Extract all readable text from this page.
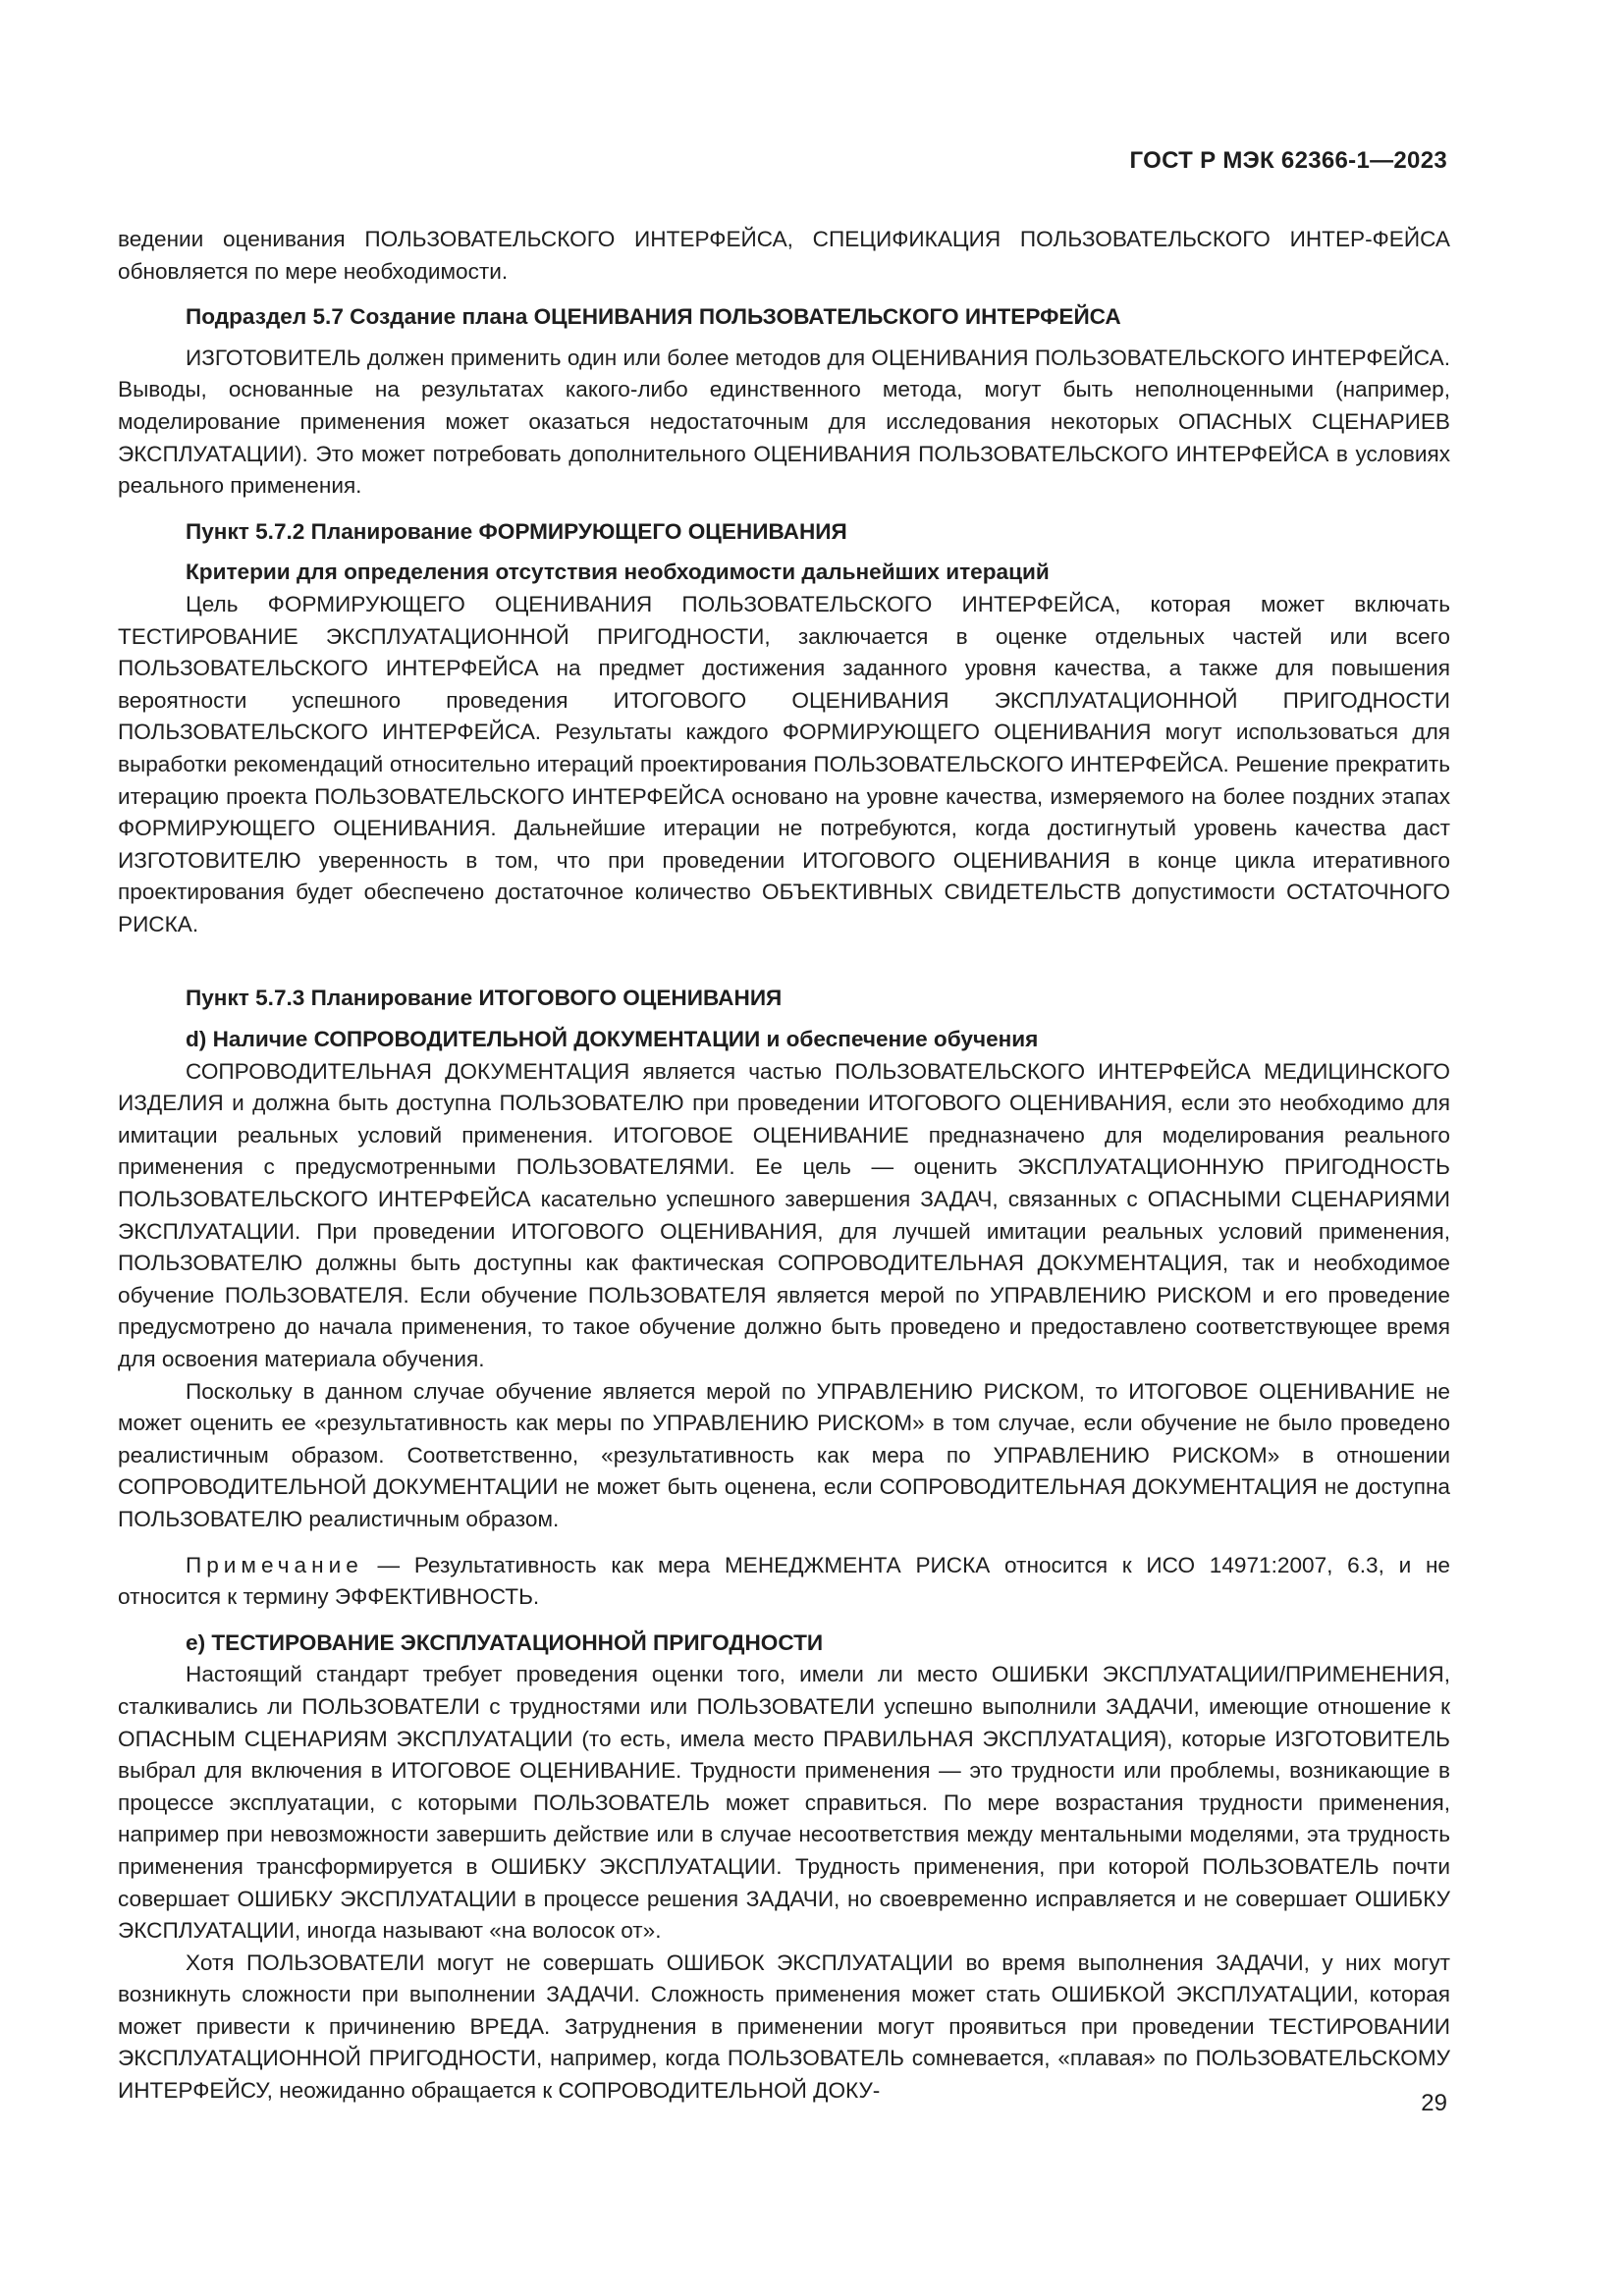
ГОСТ Р МЭК 62366-1—2023

ведении оценивания ПОЛЬЗОВАТЕЛЬСКОГО ИНТЕРФЕЙСА, СПЕЦИФИКАЦИЯ ПОЛЬЗОВАТЕЛЬСКОГО ИНТЕР-ФЕЙСА обновляется по мере необходимости.

Подраздел 5.7 Создание плана ОЦЕНИВАНИЯ ПОЛЬЗОВАТЕЛЬСКОГО ИНТЕРФЕЙСА

ИЗГОТОВИТЕЛЬ должен применить один или более методов для ОЦЕНИВАНИЯ ПОЛЬЗОВАТЕЛЬСКОГО ИНТЕРФЕЙСА. Выводы, основанные на результатах какого-либо единственного метода, могут быть неполноценными (например, моделирование применения может оказаться недостаточным для исследования некоторых ОПАСНЫХ СЦЕНАРИЕВ ЭКСПЛУАТАЦИИ). Это может потребовать дополнительного ОЦЕНИВАНИЯ ПОЛЬЗОВАТЕЛЬСКОГО ИНТЕРФЕЙСА в условиях реального применения.

Пункт 5.7.2 Планирование ФОРМИРУЮЩЕГО ОЦЕНИВАНИЯ

Критерии для определения отсутствия необходимости дальнейших итераций

Цель ФОРМИРУЮЩЕГО ОЦЕНИВАНИЯ ПОЛЬЗОВАТЕЛЬСКОГО ИНТЕРФЕЙСА, которая может включать ТЕСТИРОВАНИЕ ЭКСПЛУАТАЦИОННОЙ ПРИГОДНОСТИ, заключается в оценке отдельных частей или всего ПОЛЬЗОВАТЕЛЬСКОГО ИНТЕРФЕЙСА на предмет достижения заданного уровня качества, а также для повышения вероятности успешного проведения ИТОГОВОГО ОЦЕНИВАНИЯ ЭКСПЛУАТАЦИОННОЙ ПРИГОДНОСТИ ПОЛЬЗОВАТЕЛЬСКОГО ИНТЕРФЕЙСА. Результаты каждого ФОРМИРУЮЩЕГО ОЦЕНИВАНИЯ могут использоваться для выработки рекомендаций относительно итераций проектирования ПОЛЬЗОВАТЕЛЬСКОГО ИНТЕРФЕЙСА. Решение прекратить итерацию проекта ПОЛЬЗОВАТЕЛЬСКОГО ИНТЕРФЕЙСА основано на уровне качества, измеряемого на более поздних этапах ФОРМИРУЮЩЕГО ОЦЕНИВАНИЯ. Дальнейшие итерации не потребуются, когда достигнутый уровень качества даст ИЗГОТОВИТЕЛЮ уверенность в том, что при проведении ИТОГОВОГО ОЦЕНИВАНИЯ в конце цикла итеративного проектирования будет обеспечено достаточное количество ОБЪЕКТИВНЫХ СВИДЕТЕЛЬСТВ допустимости ОСТАТОЧНОГО РИСКА.

Пункт 5.7.3 Планирование ИТОГОВОГО ОЦЕНИВАНИЯ

d) Наличие СОПРОВОДИТЕЛЬНОЙ ДОКУМЕНТАЦИИ и обеспечение обучения

СОПРОВОДИТЕЛЬНАЯ ДОКУМЕНТАЦИЯ является частью ПОЛЬЗОВАТЕЛЬСКОГО ИНТЕРФЕЙСА МЕДИЦИНСКОГО ИЗДЕЛИЯ и должна быть доступна ПОЛЬЗОВАТЕЛЮ при проведении ИТОГОВОГО ОЦЕНИВАНИЯ, если это необходимо для имитации реальных условий применения. ИТОГОВОЕ ОЦЕНИВАНИЕ предназначено для моделирования реального применения с предусмотренными ПОЛЬЗОВАТЕЛЯМИ. Ее цель — оценить ЭКСПЛУАТАЦИОННУЮ ПРИГОДНОСТЬ ПОЛЬЗОВАТЕЛЬСКОГО ИНТЕРФЕЙСА касательно успешного завершения ЗАДАЧ, связанных с ОПАСНЫМИ СЦЕНАРИЯМИ ЭКСПЛУАТАЦИИ. При проведении ИТОГОВОГО ОЦЕНИВАНИЯ, для лучшей имитации реальных условий применения, ПОЛЬЗОВАТЕЛЮ должны быть доступны как фактическая СОПРОВОДИТЕЛЬНАЯ ДОКУМЕНТАЦИЯ, так и необходимое обучение ПОЛЬЗОВАТЕЛЯ. Если обучение ПОЛЬЗОВАТЕЛЯ является мерой по УПРАВЛЕНИЮ РИСКОМ и его проведение предусмотрено до начала применения, то такое обучение должно быть проведено и предоставлено соответствующее время для освоения материала обучения.

Поскольку в данном случае обучение является мерой по УПРАВЛЕНИЮ РИСКОМ, то ИТОГОВОЕ ОЦЕНИВАНИЕ не может оценить ее «результативность как меры по УПРАВЛЕНИЮ РИСКОМ» в том случае, если обучение не было проведено реалистичным образом. Соответственно, «результативность как мера по УПРАВЛЕНИЮ РИСКОМ» в отношении СОПРОВОДИТЕЛЬНОЙ ДОКУМЕНТАЦИИ не может быть оценена, если СОПРОВОДИТЕЛЬНАЯ ДОКУМЕНТАЦИЯ не доступна ПОЛЬЗОВАТЕЛЮ реалистичным образом.

Примечание — Результативность как мера МЕНЕДЖМЕНТА РИСКА относится к ИСО 14971:2007, 6.3, и не относится к термину ЭФФЕКТИВНОСТЬ.

e) ТЕСТИРОВАНИЕ ЭКСПЛУАТАЦИОННОЙ ПРИГОДНОСТИ

Настоящий стандарт требует проведения оценки того, имели ли место ОШИБКИ ЭКСПЛУАТАЦИИ/ПРИМЕНЕНИЯ, сталкивались ли ПОЛЬЗОВАТЕЛИ с трудностями или ПОЛЬЗОВАТЕЛИ успешно выполнили ЗАДАЧИ, имеющие отношение к ОПАСНЫМ СЦЕНАРИЯМ ЭКСПЛУАТАЦИИ (то есть, имела место ПРАВИЛЬНАЯ ЭКСПЛУАТАЦИЯ), которые ИЗГОТОВИТЕЛЬ выбрал для включения в ИТОГОВОЕ ОЦЕНИВАНИЕ. Трудности применения — это трудности или проблемы, возникающие в процессе эксплуатации, с которыми ПОЛЬЗОВАТЕЛЬ может справиться. По мере возрастания трудности применения, например при невозможности завершить действие или в случае несоответствия между ментальными моделями, эта трудность применения трансформируется в ОШИБКУ ЭКСПЛУАТАЦИИ. Трудность применения, при которой ПОЛЬЗОВАТЕЛЬ почти совершает ОШИБКУ ЭКСПЛУАТАЦИИ в процессе решения ЗАДАЧИ, но своевременно исправляется и не совершает ОШИБКУ ЭКСПЛУАТАЦИИ, иногда называют «на волосок от».

Хотя ПОЛЬЗОВАТЕЛИ могут не совершать ОШИБОК ЭКСПЛУАТАЦИИ во время выполнения ЗАДАЧИ, у них могут возникнуть сложности при выполнении ЗАДАЧИ. Сложность применения может стать ОШИБКОЙ ЭКСПЛУАТАЦИИ, которая может привести к причинению ВРЕДА. Затруднения в применении могут проявиться при проведении ТЕСТИРОВАНИИ ЭКСПЛУАТАЦИОННОЙ ПРИГОДНОСТИ, например, когда ПОЛЬЗОВАТЕЛЬ сомневается, «плавая» по ПОЛЬЗОВАТЕЛЬСКОМУ ИНТЕРФЕЙСУ, неожиданно обращается к СОПРОВОДИТЕЛЬНОЙ ДОКУ-	29
